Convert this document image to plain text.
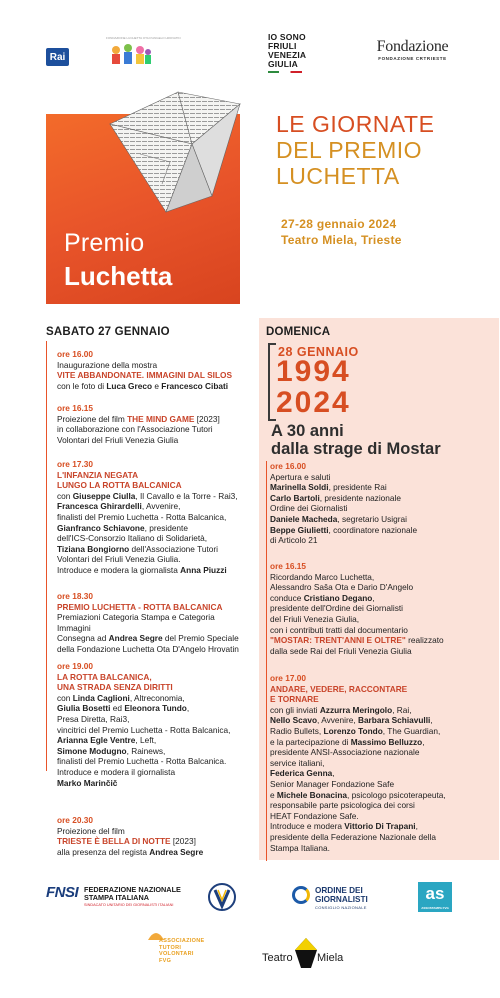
Rai
FONDAZIONE LUCHETTA OTA D'ANGELO HROVATIN	IO SONO
FRIULI
VENEZIA
GIULIA
Fondazione
FONDAZIONE CRTRIESTE
Premio
Luchetta
LE GIORNATE
DEL PREMIO
LUCHETTA
27-28 gennaio 2024
Teatro Miela, Trieste
SABATO 27 GENNAIO
ore 16.00
Inaugurazione della mostra
VITE ABBANDONATE. IMMAGINI DAL SILOS
con le foto di Luca Greco e Francesco Cibati
ore 16.15
Proiezione del film THE MIND GAME [2023]
in collaborazione con l'Associazione Tutori
Volontari del Friuli Venezia Giulia
ore 17.30
L'INFANZIA NEGATA
LUNGO LA ROTTA BALCANICA
con Giuseppe Ciulla, Il Cavallo e la Torre - Rai3,
Francesca Ghirardelli, Avvenire,
finalisti del Premio Luchetta - Rotta Balcanica,
Gianfranco Schiavone, presidente
dell'ICS-Consorzio Italiano di Solidarietà,
Tiziana Bongiorno dell'Associazione Tutori
Volontari del Friuli Venezia Giulia.
Introduce e modera la giornalista Anna Piuzzi
ore 18.30
PREMIO LUCHETTA - ROTTA BALCANICA
Premiazioni Categoria Stampa e Categoria
Immagini
Consegna ad Andrea Segre del Premio Speciale
della Fondazione Luchetta Ota D'Angelo Hrovatin
ore 19.00
LA ROTTA BALCANICA,
UNA STRADA SENZA DIRITTI
con Linda Caglioni, Altreconomia,
Giulia Bosetti ed Eleonora Tundo,
Presa Diretta, Rai3,
vincitrici del Premio Luchetta - Rotta Balcanica,
Arianna Egle Ventre, Left,
Simone Modugno, Rainews,
finalisti del Premio Luchetta - Rotta Balcanica.
Introduce e modera il giornalista
Marko Marinčič
ore 20.30
Proiezione del film
TRIESTE È BELLA DI NOTTE [2023]
alla presenza del regista Andrea Segre
DOMENICA
28 GENNAIO
1994
2024
A 30 anni
dalla strage di Mostar
ore 16.00
Apertura e saluti
Marinella Soldi, presidente Rai
Carlo Bartoli, presidente nazionale
Ordine dei Giornalisti
Daniele Macheda, segretario Usigrai
Beppe Giulietti, coordinatore nazionale
di Articolo 21
ore 16.15
Ricordando Marco Luchetta,
Alessandro Saša Ota e Dario D'Angelo
conduce Cristiano Degano,
presidente dell'Ordine dei Giornalisti
del Friuli Venezia Giulia,
con i contributi tratti dal documentario
"MOSTAR: TRENT'ANNI E OLTRE" realizzato
dalla sede Rai del Friuli Venezia Giulia
ore 17.00
ANDARE, VEDERE, RACCONTARE
E TORNARE
con gli inviati Azzurra Meringolo, Rai,
Nello Scavo, Avvenire, Barbara Schiavulli,
Radio Bullets, Lorenzo Tondo, The Guardian,
e la partecipazione di Massimo Belluzzo,
presidente ANSI-Associazione nazionale
service italiani,
Federica Genna,
Senior Manager Fondazione Safe
e Michele Bonacina, psicologo psicoterapeuta,
responsabile parte psicologica dei corsi
HEAT Fondazione Safe.
Introduce e modera Vittorio Di Trapani,
presidente della Federazione Nazionale della
Stampa Italiana.
FNSI FEDERAZIONE NAZIONALE
STAMPA ITALIANA
SINDACATO UNITARIO DEI GIORNALISTI ITALIANI
ORDINE DEI
GIORNALISTI
CONSIGLIO NAZIONALE
as
ASSOSTAMPA FVG
ASSOCIAZIONE
TUTORI
VOLONTARI
FVG	Teatro Miela
